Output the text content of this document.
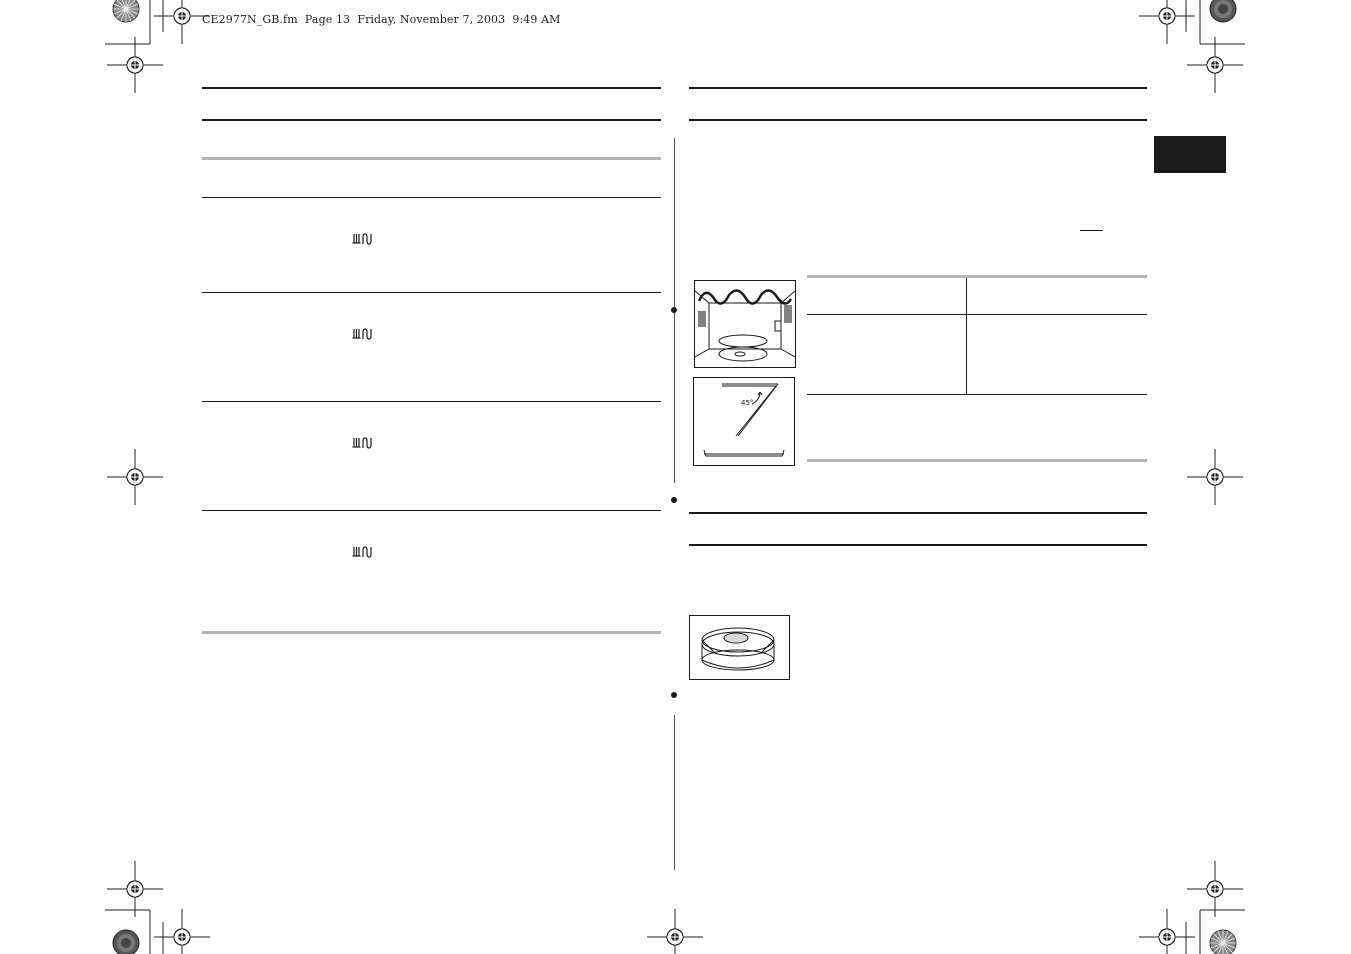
CE2977N_GB.fm  Page 13  Friday, November 7, 2003  9:49 AM
45°
